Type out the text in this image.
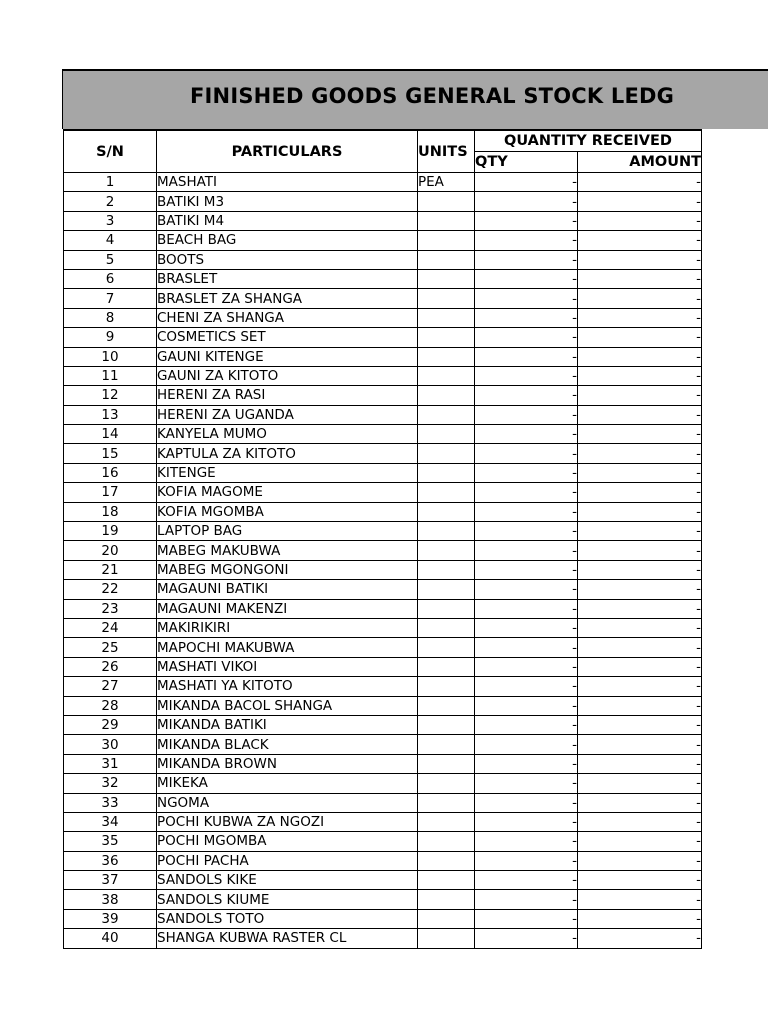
FINISHED GOODS GENERAL STOCK LEDG
S/N	PARTICULARS	UNITS	QUANTITY RECEIVED	
			QTY	AMOUNT
1	MASHATI	PEA	-	-
2	BATIKI M3		-	-
3	BATIKI M4		-	-
4	BEACH BAG		-	-
5	BOOTS		-	-
6	BRASLET		-	-
7	BRASLET ZA SHANGA		-	-
8	CHENI ZA SHANGA		-	-
9	COSMETICS SET		-	-
10	GAUNI KITENGE		-	-
11	GAUNI ZA KITOTO		-	-
12	HERENI ZA RASI		-	-
13	HERENI ZA UGANDA		-	-
14	KANYELA MUMO		-	-
15	KAPTULA ZA KITOTO		-	-
16	KITENGE		-	-
17	KOFIA MAGOME		-	-
18	KOFIA MGOMBA		-	-
19	LAPTOP BAG		-	-
20	MABEG MAKUBWA		-	-
21	MABEG MGONGONI		-	-
22	MAGAUNI BATIKI		-	-
23	MAGAUNI MAKENZI		-	-
24	MAKIRIKIRI		-	-
25	MAPOCHI MAKUBWA		-	-
26	MASHATI VIKOI		-	-
27	MASHATI YA KITOTO		-	-
28	MIKANDA BACOL SHANGA		-	-
29	MIKANDA BATIKI		-	-
30	MIKANDA BLACK		-	-
31	MIKANDA BROWN		-	-
32	MIKEKA		-	-
33	NGOMA		-	-
34	POCHI KUBWA ZA NGOZI		-	-
35	POCHI MGOMBA		-	-
36	POCHI PACHA		-	-
37	SANDOLS KIKE		-	-
38	SANDOLS KIUME		-	-
39	SANDOLS TOTO		-	-
40	SHANGA KUBWA RASTER CL		-	-
